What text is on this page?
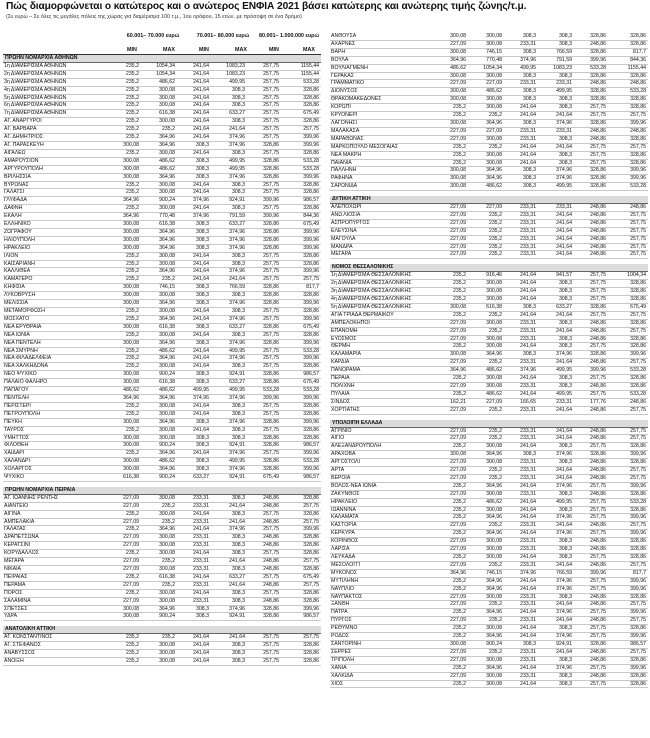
Πώς διαμορφώνεται ο κατώτερος και ο ανώτερος ΕΝΦΙΑ 2021 βάσει κατώτερης και ανώτερης τιμής ζώνης/τ.μ.
(Σε ευρώ – Σε όλες τις μεγάλες πόλεις της χώρας για διαμέρισμα 100 τ.μ., 1ου ορόφου, 15 ετών, με πρόσοψη σε ένα δρόμο)
60.001– 70.000 ευρώ	70.001– 80.000 ευρώ	80.001– 1.000.000 ευρώ
MIN	MAX	MIN	MAX	MIN	MAX
ΠΡΩΗΝ ΝΟΜΑΡΧΙΑ ΑΘΗΝΩΝ						
1η ΔΙΑΜΕΡΙΣΜΑ ΑΘΗΝΩΝ	235,2	1054,34	241,64	1083,23	257,75	1155,44
2η ΔΙΑΜΕΡΙΣΜΑ ΑΘΗΝΩΝ	235,2	1054,34	241,64	1083,23	257,75	1155,44
3η ΔΙΑΜΕΡΙΣΜΑ ΑΘΗΝΩΝ	235,2	486,62	241,64	499,95	257,75	533,28
4η ΔΙΑΜΕΡΙΣΜΑ ΑΘΗΝΩΝ	235,2	300,08	241,64	308,3	257,75	328,86
5η ΔΙΑΜΕΡΙΣΜΑ ΑΘΗΝΩΝ	235,2	300,08	241,64	308,3	257,75	328,86
6η ΔΙΑΜΕΡΙΣΜΑ ΑΘΗΝΩΝ	235,2	300,08	241,64	308,3	257,75	328,86
7η ΔΙΑΜΕΡΙΣΜΑ ΑΘΗΝΩΝ	235,2	616,38	241,64	633,27	257,75	675,49
ΑΓ. ΑΝΑΡΓΥΡΟΙ	235,2	300,08	241,64	308,3	257,75	328,86
ΑΓ. ΒΑΡΒΑΡΑ	235,2	235,2	241,64	241,64	257,75	257,75
ΑΓ. ΔΗΜΗΤΡΙΟΣ	235,2	364,96	241,64	374,96	257,75	399,96
ΑΓ. ΠΑΡΑΣΚΕΥΗ	300,08	364,96	308,3	374,96	328,86	399,96
ΑΙΓΑΛΕΩ	235,2	300,08	241,64	308,3	257,75	328,86
ΑΜΑΡΟΥΣΙΟΝ	300,08	486,62	308,3	499,95	328,86	533,28
ΑΡΓΥΡΟΥΠΟΛΗ	300,08	486,62	308,3	499,95	328,86	533,28
ΒΡΙΛΗΣΣΙΑ	300,08	364,96	308,3	374,96	328,86	399,96
ΒΥΡΩΝΑΣ	235,2	300,08	241,64	308,3	257,75	328,86
ΓΑΛΑΤΣΙ	235,2	300,08	241,64	308,3	257,75	328,86
ΓΛΥΦΑΔΑ	364,96	900,24	374,96	924,91	399,96	986,57
ΔΑΦΝΗ	235,2	300,08	241,64	308,3	257,75	328,86
ΕΚΑΛΗ	364,96	770,48	374,96	791,59	399,96	844,36
ΕΛΛΗΝΙΚΟ	300,08	616,38	308,3	633,27	328,86	675,49
ΖΩΓΡΑΦΟΥ	300,08	364,96	308,3	374,96	328,86	399,96
ΗΛΙΟΥΠΟΛΗ	300,08	364,96	308,3	374,96	328,86	399,96
ΗΡΑΚΛΕΙΟ	300,08	364,96	308,3	374,96	328,86	399,96
ΙΛΙΟΝ	235,2	300,08	241,64	308,3	257,75	328,86
ΚΑΙΣΑΡΙΑΝΗ	235,2	300,08	241,64	308,3	257,75	328,86
ΚΑΛΛΙΘΕΑ	235,2	364,96	241,64	374,96	257,75	399,96
ΚΑΜΑΤΕΡΟ	235,2	235,2	241,64	241,64	257,75	257,75
ΚΗΦΙΣΙΑ	300,08	746,15	308,3	766,59	328,86	817,7
ΛΥΚΟΒΡΥΣΗ	300,08	300,08	308,3	308,3	328,86	328,86
ΜΕΛΙΣΣΙΑ	300,08	364,96	308,3	374,96	328,86	399,96
ΜΕΤΑΜΟΡΦΩΣΗ	235,2	300,08	241,64	308,3	257,75	328,86
ΜΟΣΧΑΤΟ	235,2	364,96	241,64	374,96	257,75	399,96
ΝΕΑ ΕΡΥΘΡΑΙΑ	300,08	616,38	308,3	633,27	328,86	675,49
ΝΕΑ ΙΩΝΙΑ	235,2	300,08	241,64	308,3	257,75	328,86
ΝΕΑ ΠΕΝΤΕΛΗ	300,08	364,96	308,3	374,96	328,86	399,96
ΝΕΑ ΣΜΥΡΝΗ	235,2	486,62	241,64	499,95	257,75	533,28
ΝΕΑ ΦΙΛΑΔΕΛΦΕΙΑ	235,2	364,96	241,64	374,96	257,75	399,96
ΝΕΑ ΧΑΛΚΗΔΟΝΑ	235,2	300,08	241,64	308,3	257,75	328,86
ΝΕΟ ΨΥΧΙΚΟ	300,08	900,24	308,3	924,91	328,86	986,57
ΠΑΛΑΙΟ ΦΑΛΗΡΟ	300,08	616,38	308,3	633,27	328,86	675,49
ΠΑΠΑΓΟΥ	486,62	486,62	499,95	499,95	533,28	533,28
ΠΕΝΤΕΛΗ	364,96	364,96	374,96	374,96	399,96	399,96
ΠΕΡΙΣΤΕΡΙ	235,2	300,08	241,64	308,3	257,75	328,86
ΠΕΤΡΟΥΠΟΛΗ	235,2	300,08	241,64	308,3	257,75	328,86
ΠΕΥΚΗ	300,08	364,96	308,3	374,96	328,86	399,96
ΤΑΥΡΟΣ	235,2	300,08	241,64	308,3	257,75	328,86
ΥΜΗΤΤΟΣ	300,08	300,08	308,3	308,3	328,86	328,86
ΦΙΛΟΘΕΗ	300,08	900,24	308,3	924,91	328,86	986,57
ΧΑΙΔΑΡΙ	235,2	364,96	241,64	374,96	257,75	399,96
ΧΑΛΑΝΔΡΙ	300,08	486,62	308,3	499,95	328,86	533,28
ΧΟΛΑΡΓΟΣ	300,08	364,96	308,3	374,96	328,86	399,96
ΨΥΧΙΚΟ	616,38	900,24	633,27	924,91	675,49	986,57

ΠΡΩΗΝ ΝΟΜΑΡΧΙΑ ΠΕΙΡΑΙΑ						
ΑΓ. ΙΩΑΝΝΗΣ ΡΕΝΤΗΣ	227,09	300,08	233,31	308,3	248,86	328,86
ΑΙΑΝΤΕΙΟ	227,09	235,2	233,31	241,64	248,86	257,75
ΑΙΓΙΝΑ	235,2	300,08	241,64	308,3	257,75	328,86
ΑΜΠΕΛΑΚΙΑ	227,09	235,2	233,31	241,64	248,86	257,75
ΓΑΛΑΤΑΣ	235,2	364,96	241,64	374,96	257,75	399,96
ΔΡΑΠΕΤΣΩΝΑ	227,09	300,08	233,31	308,3	248,86	328,86
ΚΕΡΑΤΣΙΝΙ	227,09	300,08	233,31	308,3	248,86	328,86
ΚΟΡΥΔΑΛΛΟΣ	235,2	300,08	241,64	308,3	257,75	328,86
ΜΕΓΑΡΑ	227,09	235,2	233,31	241,64	248,86	257,75
ΝΙΚΑΙΑ	227,09	300,08	233,31	308,3	248,86	328,86
ΠΕΙΡΑΙΑΣ	235,2	616,38	241,64	633,27	257,75	675,49
ΠΕΡΑΜΑ	227,09	235,2	233,31	241,64	248,86	257,75
ΠΟΡΟΣ	235,2	300,08	241,64	308,3	257,75	328,86
ΣΑΛΑΜΙΝΑ	227,09	300,08	233,31	308,3	248,86	328,86
ΣΠΕΤΣΕΣ	300,08	364,96	308,3	374,96	328,86	399,96
ΥΔΡΑ	300,08	900,24	308,3	924,91	328,86	986,57

ΑΝΑΤΟΛΙΚΗ ΑΤΤΙΚΗ						
ΑΓ. ΚΩΝΣΤΑΝΤΙΝΟΣ	235,2	235,2	241,64	241,64	257,75	257,75
ΑΓ. ΣΤΕΦΑΝΟΣ	235,2	300,08	241,64	308,3	257,75	328,86
ΑΝΑΒΥΣΣΟΣ	235,2	300,08	241,64	308,3	257,75	328,86
ΑΝΟΙΞΗ	235,2	300,08	241,64	308,3	257,75	328,86
ΑΝΘΟΥΣΑ	300,08	300,08	308,3	308,3	328,86	328,86
ΑΧΑΡΝΕΣ	227,09	300,08	233,31	308,3	248,86	328,86
ΒΑΡΗ	300,08	746,15	308,3	766,59	328,86	817,7
ΒΟΥΛΑ	364,96	770,48	374,96	791,59	399,96	844,36
ΒΟΥΛΙΑΓΜΕΝΗ	486,62	1054,34	499,95	1083,23	533,28	1155,44
ΓΕΡΑΚΑΣ	300,08	300,08	308,3	308,3	328,86	328,86
ΓΡΑΜΜΑΤΙΚΟ	227,09	227,09	233,31	233,31	248,86	248,86
ΔΙΟΝΥΣΟΣ	300,08	486,62	308,3	499,95	328,86	533,28
ΘΡΑΚΟΜΑΚΕΔΟΝΕΣ	300,08	300,08	308,3	308,3	328,86	328,86
ΚΟΡΩΠΙ	235,2	300,08	241,64	308,3	257,75	328,86
ΚΡΥΟΝΕΡΙ	235,2	235,2	241,64	241,64	257,75	257,75
ΛΑΓΟΝΗΣΙ	300,08	364,96	308,3	374,96	328,86	399,96
ΜΑΛΑΚΑΣΑ	227,09	227,09	233,31	233,31	248,86	248,86
ΜΑΡΑΘΩΝΑΣ	227,09	300,08	233,31	308,3	248,86	328,86
ΜΑΡΚΟΠΟΥΛΟ ΜΕΣΟΓΑΙΑΣ	235,2	235,2	241,64	241,64	257,75	257,75
ΝΕΑ ΜΑΚΡΗ	235,2	300,08	241,64	308,3	257,75	328,86
ΠΑΙΑΝΙΑ	235,2	300,08	241,64	308,3	257,75	328,86
ΠΑΛΛΗΝΗ	300,08	364,96	308,3	374,96	328,86	399,96
ΡΑΦΗΝΑ	300,08	364,96	308,3	374,96	328,86	399,96
ΣΑΡΩΝΙΔΑ	300,08	486,62	308,3	499,95	328,86	533,28

ΔΥΤΙΚΗ ΑΤΤΙΚΗ						
ΑΛΕΠΟΧΩΡΙ	227,09	227,09	233,31	233,31	248,86	248,86
ΑΝΩ ΛΙΟΣΙΑ	227,09	235,2	233,31	241,64	248,86	257,75
ΑΣΠΡΟΠΥΡΓΟΣ	227,09	235,2	233,31	241,64	248,86	257,75
ΕΛΕΥΣΙΝΑ	227,09	235,2	233,31	241,64	248,86	257,75
ΜΑΓΟΥΛΑ	227,09	235,2	233,31	241,64	248,86	257,75
ΜΑΝΔΡΑ	227,09	235,2	233,31	241,64	248,86	257,75
ΜΕΓΑΡΑ	227,09	235,2	233,31	241,64	248,86	257,75

ΝΟΜΟΣ ΘΕΣΣΑΛΟΝΙΚΗΣ						
1η ΔΙΑΜΕΡΙΣΜΑ ΘΕΣΣΑΛΟΝΙΚΗΣ	235,2	916,46	241,64	941,57	257,75	1004,34
2η ΔΙΑΜΕΡΙΣΜΑ ΘΕΣΣΑΛΟΝΙΚΗΣ	235,2	300,08	241,64	308,3	257,75	328,86
3η ΔΙΑΜΕΡΙΣΜΑ ΘΕΣΣΑΛΟΝΙΚΗΣ	235,2	300,08	241,64	308,3	257,75	328,86
4η ΔΙΑΜΕΡΙΣΜΑ ΘΕΣΣΑΛΟΝΙΚΗΣ	235,2	300,08	241,64	308,3	257,75	328,86
5η ΔΙΑΜΕΡΙΣΜΑ ΘΕΣΣΑΛΟΝΙΚΗΣ	300,08	616,38	308,3	633,27	328,86	675,49
ΑΓΙΑ ΤΡΙΑΔΑ ΘΕΡΜΑΙΚΟΥ	235,2	235,2	241,64	241,64	257,75	257,75
ΑΜΠΕΛΟΚΗΠΟΙ	227,09	300,08	233,31	308,3	248,86	328,86
ΕΠΑΝΟΜΗ	227,09	235,2	233,31	241,64	248,86	257,75
ΕΥΟΣΜΟΣ	227,09	300,08	233,31	308,3	248,86	328,86
ΘΕΡΜΗ	235,2	300,08	241,64	308,3	257,75	328,86
ΚΑΛΑΜΑΡΙΑ	300,08	364,96	308,3	374,96	328,86	399,96
ΚΑΡΔΙΑ	227,09	235,2	233,31	241,64	248,86	257,75
ΠΑΝΟΡΑΜΑ	364,96	486,62	374,96	499,95	399,96	533,28
ΠΕΡΑΙΑ	235,2	300,08	241,64	308,3	257,75	328,86
ΠΟΛΙΧΝΗ	227,09	300,08	233,31	308,3	248,86	328,86
ΠΥΛΑΙΑ	235,2	486,62	241,64	499,95	257,75	533,28
ΣΙΝΔΟΣ	162,21	227,09	166,65	233,31	177,76	248,86
ΧΟΡΤΙΑΤΗΣ	227,09	235,2	233,31	241,64	248,86	257,75

ΥΠΟΛΟΙΠΗ ΕΛΛΑΔΑ						
ΑΓΡΙΝΙΟ	227,09	235,2	233,31	241,64	248,86	257,75
ΑΙΓΙΟ	227,09	235,2	233,31	241,64	248,86	257,75
ΑΛΕΞΑΝΔΡΟΥΠΟΛΗ	235,2	300,08	241,64	308,3	257,75	328,86
ΑΡΑΧΟΒΑ	300,08	364,96	308,3	374,96	328,86	399,96
ΑΡΓΟΣΤΟΛΙ	227,09	300,08	233,31	308,3	248,86	328,86
ΑΡΤΑ	227,09	235,2	233,31	241,64	248,86	257,75
ΒΕΡΟΙΑ	227,09	235,2	233,31	241,64	248,86	257,75
ΒΟΛΟΣ-ΝΕΑ ΙΩΝΙΑ	235,2	364,96	241,64	374,96	257,75	399,96
ΖΑΚΥΝΘΟΣ	227,09	300,08	233,31	308,3	248,86	328,86
ΗΡΑΚΛΕΙΟ	235,2	486,62	241,64	499,95	257,75	533,28
ΙΩΑΝΝΙΝΑ	235,2	300,08	241,64	308,3	257,75	328,86
ΚΑΛΑΜΑΤΑ	235,2	364,96	241,64	374,96	257,75	399,96
ΚΑΣΤΟΡΙΑ	227,09	235,2	233,31	241,64	248,86	257,75
ΚΕΡΚΥΡΑ	235,2	364,96	241,64	374,96	257,75	399,96
ΚΟΡΙΝΘΟΣ	227,09	300,08	233,31	308,3	248,86	328,86
ΛΑΡΙΣΑ	227,09	300,08	233,31	308,3	248,86	328,86
ΛΕΥΚΑΔΑ	235,2	300,08	241,64	308,3	257,75	328,86
ΜΕΣΟΛΟΓΓΙ	227,09	235,2	233,31	241,64	248,86	257,75
ΜΥΚΟΝΟΣ	364,96	746,15	374,96	766,59	399,96	817,7
ΜΥΤΙΛΗΝΗ	235,2	364,96	241,64	374,96	257,75	399,96
ΝΑΥΠΛΙΟ	235,2	364,96	241,64	374,96	257,75	399,96
ΝΑΥΠΑΚΤΟΣ	227,09	300,08	233,31	308,3	248,86	328,86
ΞΑΝΘΗ	227,09	235,2	233,31	241,64	248,86	257,75
ΠΑΤΡΑ	235,2	364,96	241,64	374,96	257,75	399,96
ΠΥΡΓΟΣ	227,09	235,2	233,31	241,64	248,86	257,75
ΡΕΘΥΜΝΟ	235,2	300,08	241,64	308,3	257,75	328,86
ΡΟΔΟΣ	235,2	364,96	241,64	374,96	257,75	399,96
ΣΑΝΤΟΡΙΝΗ	300,08	900,24	308,3	924,91	328,86	986,57
ΣΕΡΡΕΣ	227,09	235,2	233,31	241,64	248,86	257,75
ΤΡΙΠΟΛΗ	227,09	300,08	233,31	308,3	248,86	328,86
ΧΑΝΙΑ	235,2	364,96	241,64	374,96	257,75	399,96
ΧΑΛΚΙΔΑ	227,09	300,08	233,31	308,3	248,86	328,86
ΧΙΟΣ	235,2	300,08	241,64	308,3	257,75	328,86
